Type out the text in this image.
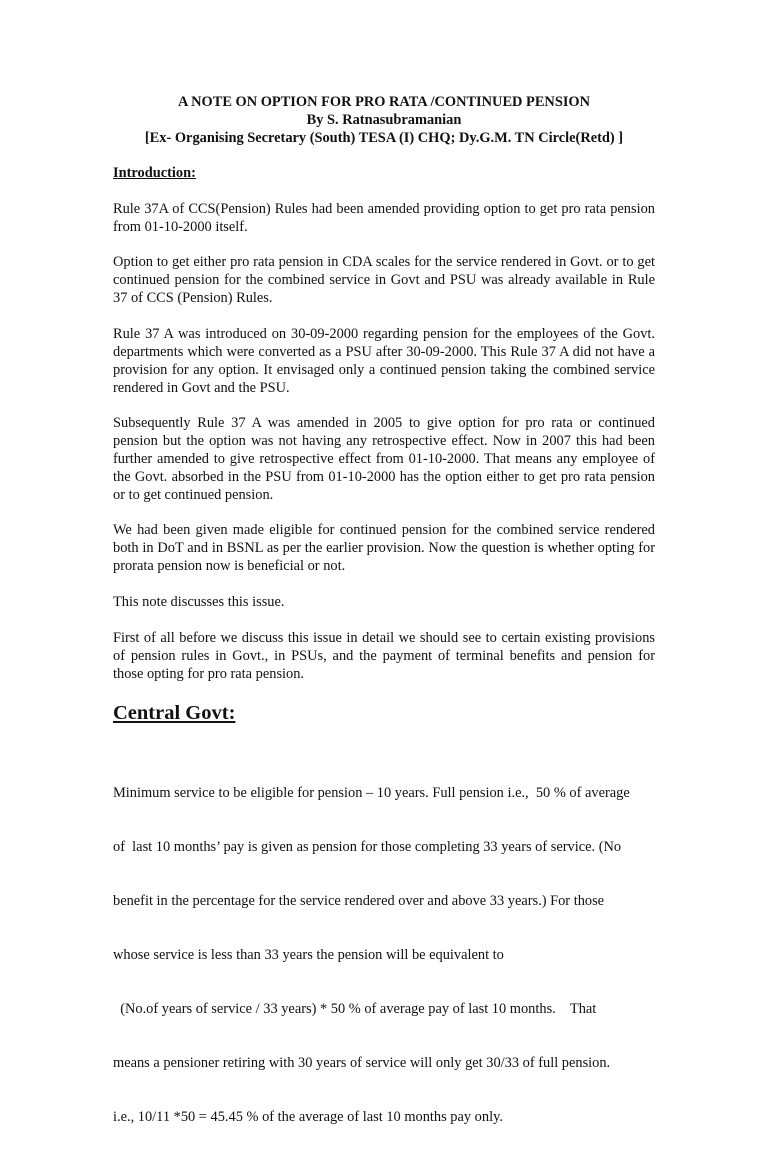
A NOTE ON OPTION FOR PRO RATA /CONTINUED PENSION
By S. Ratnasubramanian
[Ex- Organising Secretary (South) TESA (I) CHQ; Dy.G.M. TN Circle(Retd) ]
Introduction:
Rule 37A of CCS(Pension) Rules had been amended providing option to get pro rata pension from 01-10-2000 itself.
Option to get either pro rata pension in CDA scales for the service rendered in Govt. or to get continued pension for the combined service in Govt and PSU was already available in Rule 37 of CCS (Pension) Rules.
Rule 37 A was introduced on 30-09-2000 regarding pension for the employees of the Govt. departments which were converted as a PSU after 30-09-2000. This Rule 37 A did not have a provision for any option. It envisaged only a continued pension taking the combined service rendered in Govt and the PSU.
Subsequently Rule 37 A was amended in 2005 to give option for pro rata or continued pension but the option was not having any retrospective effect. Now in 2007 this had been further amended to give retrospective effect from 01-10-2000. That means any employee of the Govt. absorbed in the PSU from 01-10-2000 has the option either to get pro rata pension or to get continued pension.
We had been given made eligible for continued pension for the combined service rendered both in DoT and in BSNL as per the earlier provision. Now the question is whether opting for prorata pension now is beneficial or not.
This note discusses this issue.
First of all before we discuss this issue in detail we should see to certain existing provisions of pension rules in Govt., in PSUs, and the payment of terminal benefits and pension for those opting for pro rata pension.
Central Govt:

Minimum service to be eligible for pension – 10 years. Full pension i.e.,  50 % of average

of  last 10 months’ pay is given as pension for those completing 33 years of service. (No

benefit in the percentage for the service rendered over and above 33 years.) For those

whose service is less than 33 years the pension will be equivalent to

(No.of years of service / 33 years) * 50 % of average pay of last 10 months.    That

means a pensioner retiring with 30 years of service will only get 30/33 of full pension.

i.e., 10/11 *50 = 45.45 % of the average of last 10 months pay only.
